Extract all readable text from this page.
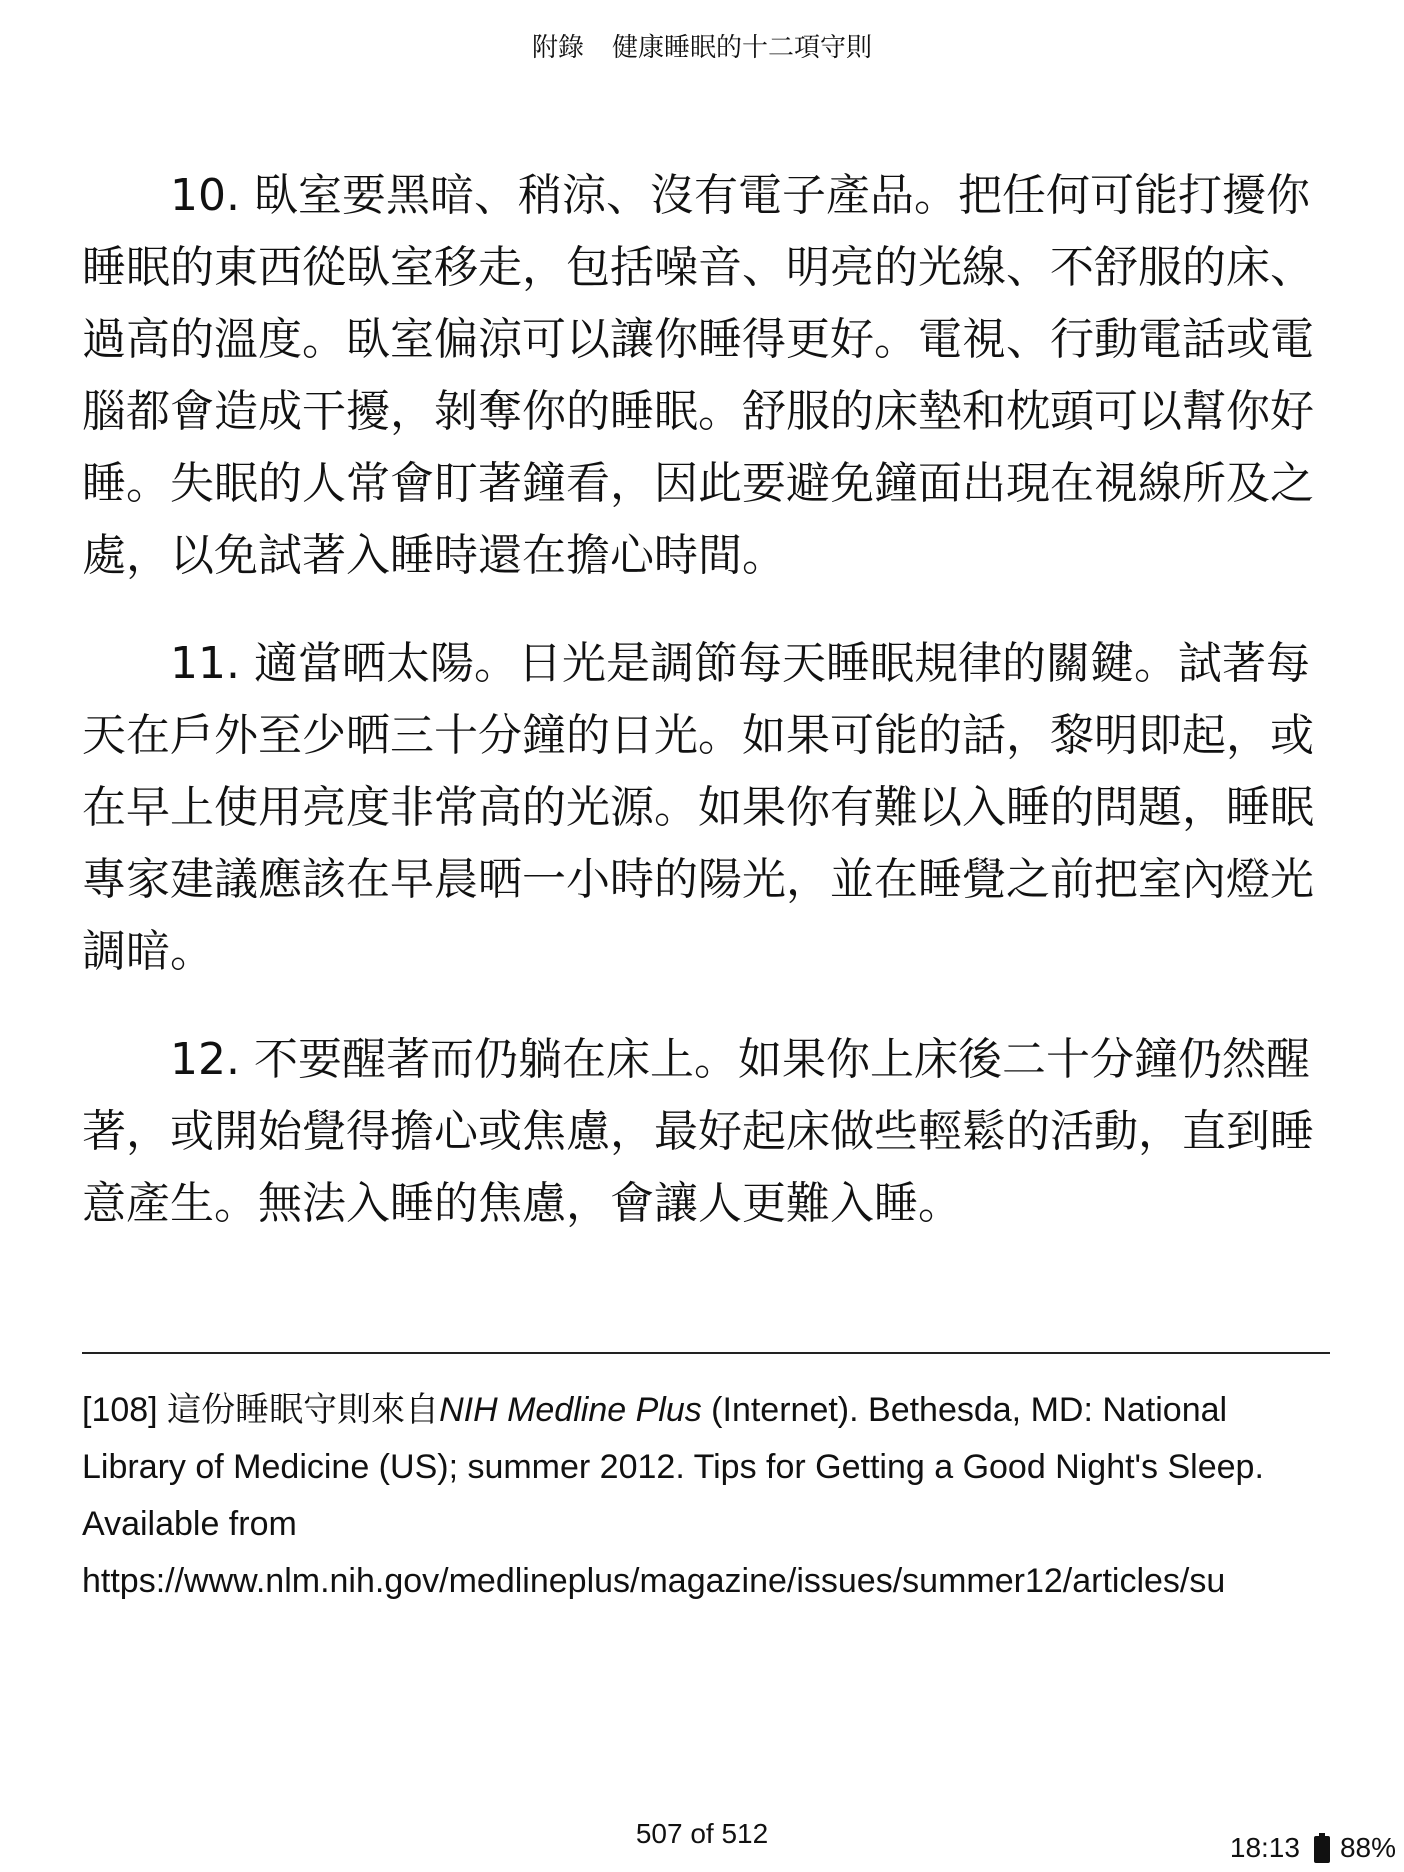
附錄 健康睡眠的十二項守則

10. 臥室要黑暗、稍涼、沒有電子產品。把任何可能打擾你睡眠的東西從臥室移走，包括噪音、明亮的光線、不舒服的床、過高的溫度。臥室偏涼可以讓你睡得更好。電視、行動電話或電腦都會造成干擾，剝奪你的睡眠。舒服的床墊和枕頭可以幫你好睡。失眠的人常會盯著鐘看，因此要避免鐘面出現在視線所及之處，以免試著入睡時還在擔心時間。

11. 適當晒太陽。日光是調節每天睡眠規律的關鍵。試著每天在戶外至少晒三十分鐘的日光。如果可能的話，黎明即起，或在早上使用亮度非常高的光源。如果你有難以入睡的問題，睡眠專家建議應該在早晨晒一小時的陽光，並在睡覺之前把室內燈光調暗。

12. 不要醒著而仍躺在床上。如果你上床後二十分鐘仍然醒著，或開始覺得擔心或焦慮，最好起床做些輕鬆的活動，直到睡意產生。無法入睡的焦慮，會讓人更難入睡。

[108] 這份睡眠守則來自NIH Medline Plus (Internet). Bethesda, MD: National Library of Medicine (US); summer 2012. Tips for Getting a Good Night's Sleep. Available from
https://www.nlm.nih.gov/medlineplus/magazine/issues/summer12/articles/su
507 of 512	18:13 88%
